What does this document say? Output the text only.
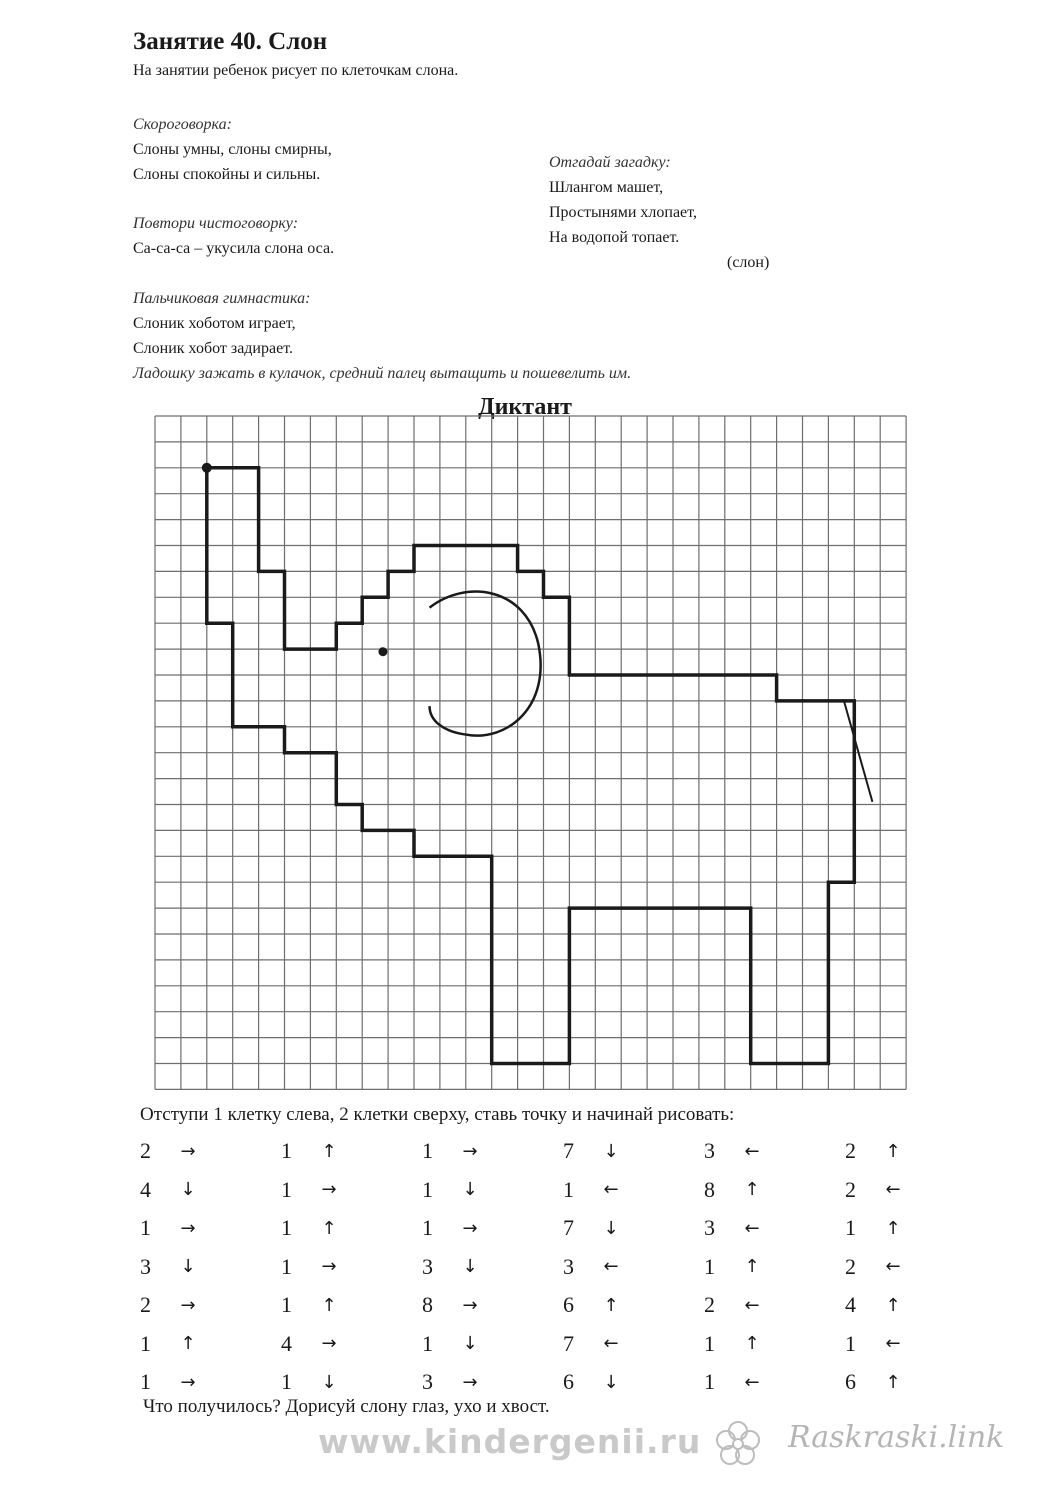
Занятие 40. Слон
На занятии ребенок рисует по клеточкам слона.
Скороговорка:
Слоны умны, слоны смирны,
Слоны спокойны и сильны.
Отгадай загадку:
Шлангом машет,
Простынями хлопает,
На водопой топает.
(слон)
Повтори чистоговорку:
Са-са-са – укусила слона оса.
Пальчиковая гимнастика:
Слоник хоботом играет,
Слоник хобот задирает.
Ладошку зажать в кулачок, средний палец вытащить и пошевелить им.
Диктант
Отступи 1 клетку слева, 2 клетки сверху, ставь точку и начинай рисовать:
2 →	1 ↑	1 →	7 ↓	3 ←	2 ↑

4 ↓	1 →	1 ↓	1 ←	8 ↑	2 ←

1 →	1 ↑	1 →	7 ↓	3 ←	1 ↑

3 ↓	1 →	3 ↓	3 ←	1 ↑	2 ←

2 →	1 ↑	8 →	6 ↑	2 ←	4 ↑

1 ↑	4 →	1 ↓	7 ←	1 ↑	1 ←

1 →	1 ↓	3 →	6 ↓	1 ←	6 ↑
Что получилось? Дорисуй слону глаз, ухо и хвост.
www.kindergenii.ru	Raskraski.link
